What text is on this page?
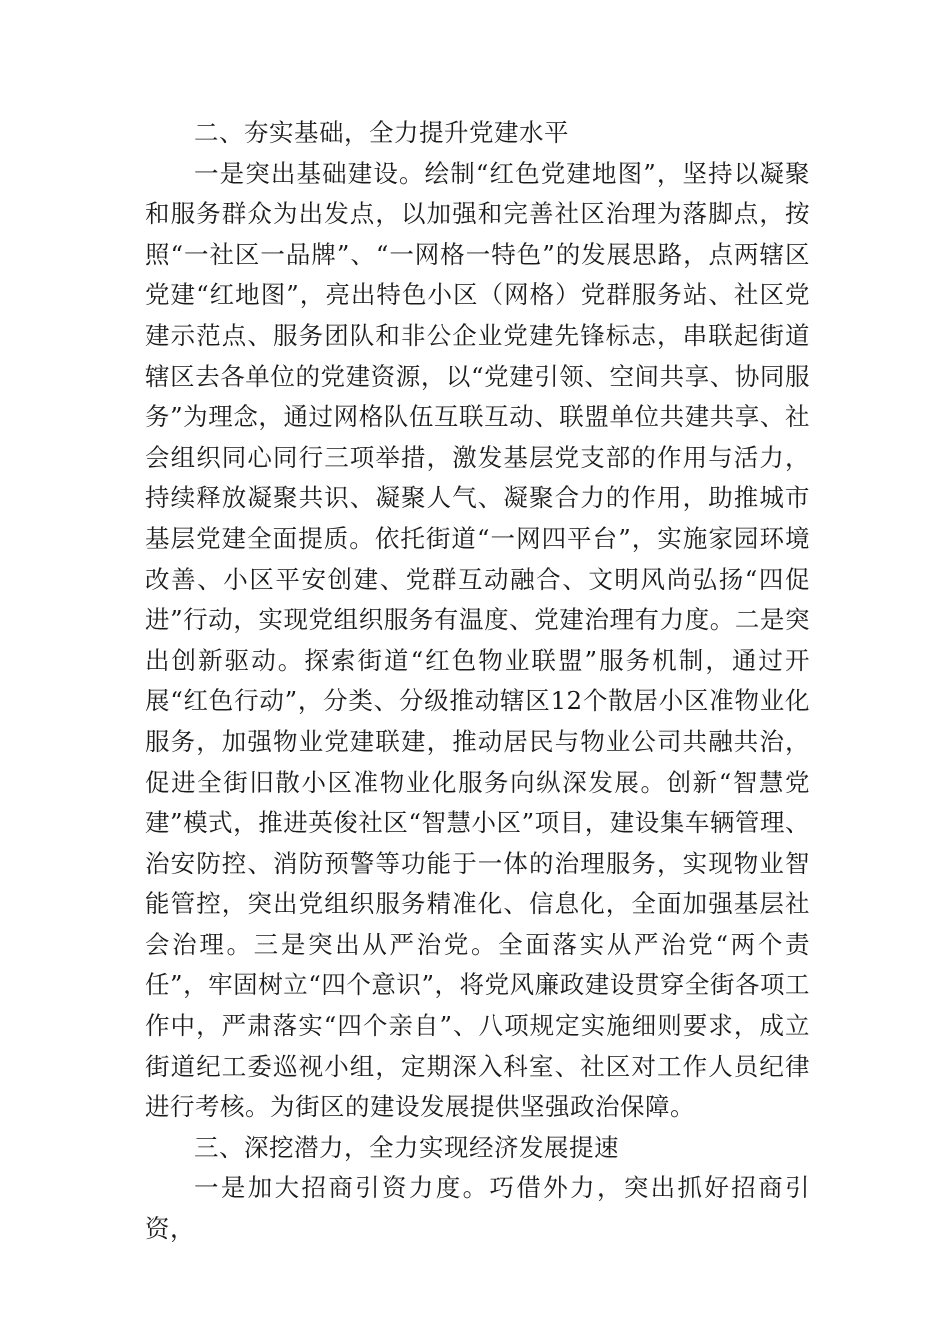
二、夯实基础，全力提升党建水平

一是突出基础建设。绘制“红色党建地图”，坚持以凝聚和服务群众为出发点，以加强和完善社区治理为落脚点，按照“一社区一品牌”、“一网格一特色”的发展思路，点两辖区党建“红地图”，亮出特色小区（网格）党群服务站、社区党建示范点、服务团队和非公企业党建先锋标志，串联起街道辖区去各单位的党建资源，以“党建引领、空间共享、协同服务”为理念，通过网格队伍互联互动、联盟单位共建共享、社会组织同心同行三项举措，激发基层党支部的作用与活力，持续释放凝聚共识、凝聚人气、凝聚合力的作用，助推城市基层党建全面提质。依托街道“一网四平台”，实施家园环境改善、小区平安创建、党群互动融合、文明风尚弘扬“四促进”行动，实现党组织服务有温度、党建治理有力度。二是突出创新驱动。探索街道“红色物业联盟”服务机制，通过开展“红色行动”，分类、分级推动辖区12个散居小区准物业化服务，加强物业党建联建，推动居民与物业公司共融共治，促进全街旧散小区准物业化服务向纵深发展。创新“智慧党建”模式，推进英俊社区“智慧小区”项目，建设集车辆管理、治安防控、消防预警等功能于一体的治理服务，实现物业智能管控，突出党组织服务精准化、信息化，全面加强基层社会治理。三是突出从严治党。全面落实从严治党“两个责任”，牢固树立“四个意识”，将党风廉政建设贯穿全街各项工作中，严肃落实“四个亲自”、八项规定实施细则要求，成立街道纪工委巡视小组，定期深入科室、社区对工作人员纪律进行考核。为街区的建设发展提供坚强政治保障。

三、深挖潜力，全力实现经济发展提速

一是加大招商引资力度。巧借外力，突出抓好招商引资，
